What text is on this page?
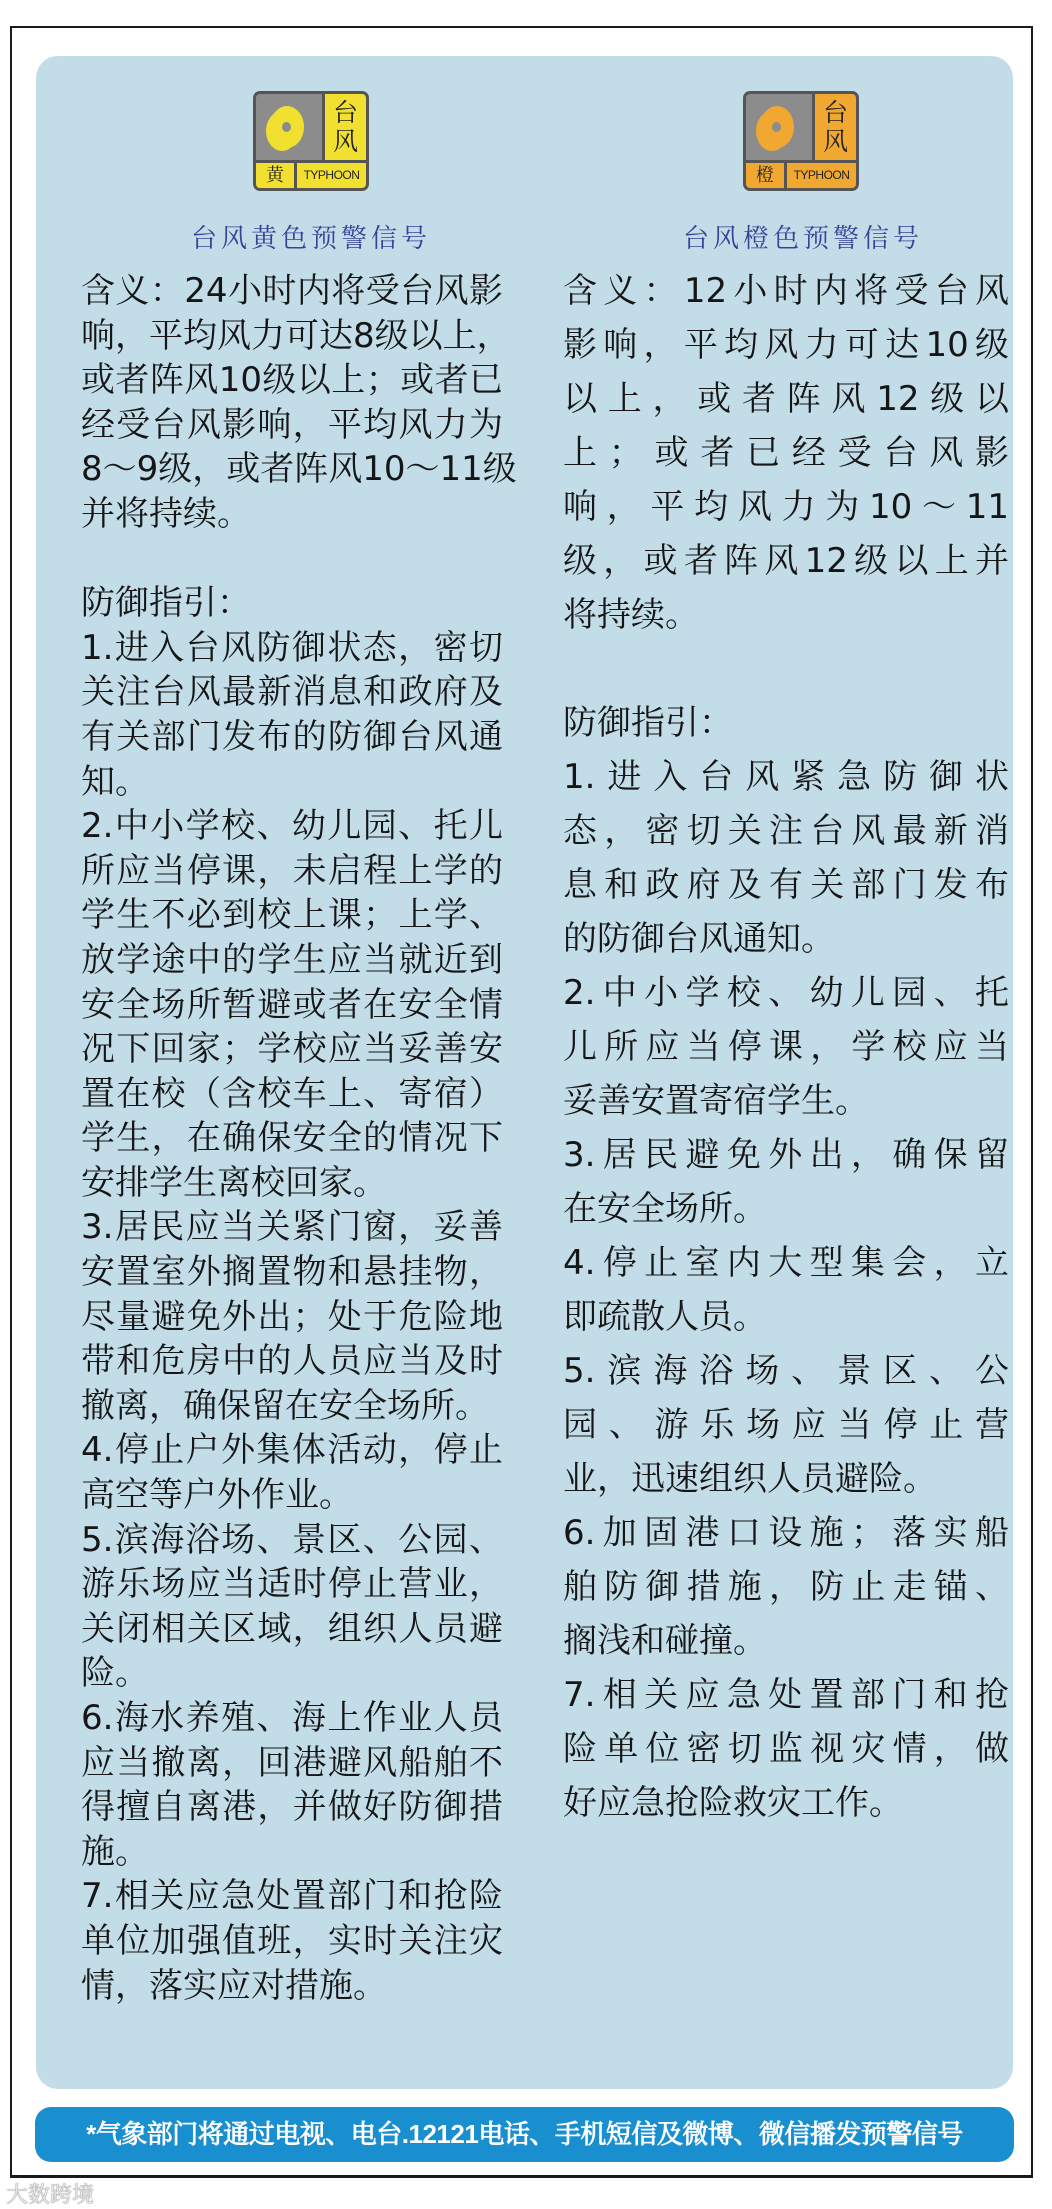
台
风
黄	TYPHOON
台
风
橙	TYPHOON
台风黄色预警信号	台风橙色预警信号
含义：24小时内将受台风影
响，平均风力可达8级以上，
或者阵风10级以上；或者已
经受台风影响，平均风力为
8～9级，或者阵风10～11级
并将持续。
防御指引：
1.进入台风防御状态，密切
关注台风最新消息和政府及
有关部门发布的防御台风通
知。
2.中小学校、幼儿园、托儿
所应当停课，未启程上学的
学生不必到校上课；上学、
放学途中的学生应当就近到
安全场所暂避或者在安全情
况下回家；学校应当妥善安
置在校（含校车上、寄宿）
学生，在确保安全的情况下
安排学生离校回家。
3.居民应当关紧门窗，妥善
安置室外搁置物和悬挂物，
尽量避免外出；处于危险地
带和危房中的人员应当及时
撤离，确保留在安全场所。
4.停止户外集体活动，停止
高空等户外作业。
5.滨海浴场、景区、公园、
游乐场应当适时停止营业，
关闭相关区域，组织人员避
险。
6.海水养殖、海上作业人员
应当撤离，回港避风船舶不
得擅自离港，并做好防御措
施。
7.相关应急处置部门和抢险
单位加强值班，实时关注灾
情，落实应对措施。
含义：12小时内将受台风
影响，平均风力可达10级
以上，或者阵风12级以
上；或者已经受台风影
响，平均风力为10～11
级，或者阵风12级以上并
将持续。
防御指引：
1.进入台风紧急防御状
态，密切关注台风最新消
息和政府及有关部门发布
的防御台风通知。
2.中小学校、幼儿园、托
儿所应当停课，学校应当
妥善安置寄宿学生。
3.居民避免外出，确保留
在安全场所。
4.停止室内大型集会，立
即疏散人员。
5.滨海浴场、景区、公
园、游乐场应当停止营
业，迅速组织人员避险。
6.加固港口设施；落实船
舶防御措施，防止走锚、
搁浅和碰撞。
7.相关应急处置部门和抢
险单位密切监视灾情，做
好应急抢险救灾工作。
*气象部门将通过电视、电台.12121电话、手机短信及微博、微信播发预警信号
大数跨境
